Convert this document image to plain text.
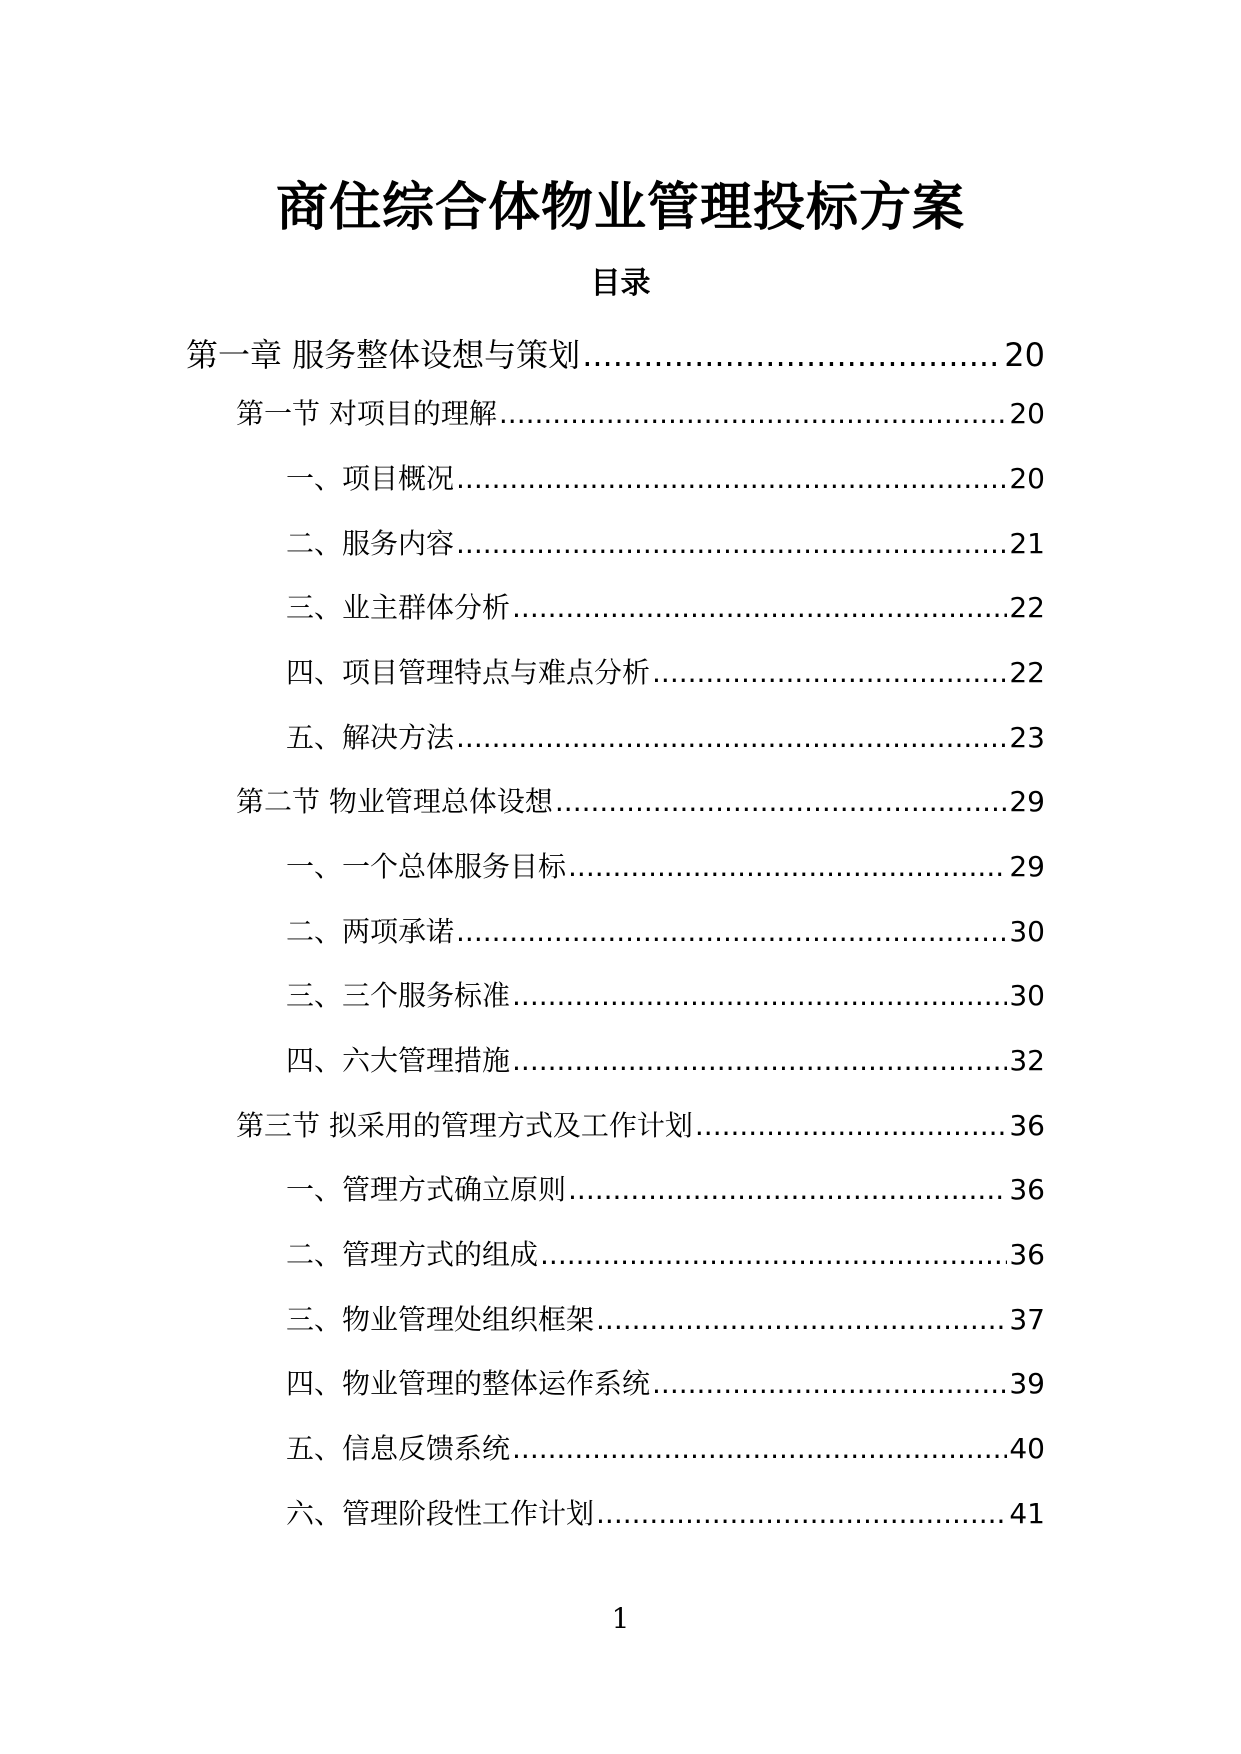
商住综合体物业管理投标方案
目录
第一章 服务整体设想与策划 .....	20
第一节 对项目的理解 .....	20
一、项目概况 .....	20
二、服务内容 .....	21
三、业主群体分析 .....	22
四、项目管理特点与难点分析 .....	22
五、解决方法 .....	23
第二节 物业管理总体设想 .....	29
一、一个总体服务目标 .....	29
二、两项承诺 .....	30
三、三个服务标准 .....	30
四、六大管理措施 .....	32
第三节 拟采用的管理方式及工作计划 .....	36
一、管理方式确立原则 .....	36
二、管理方式的组成 .....	36
三、物业管理处组织框架 .....	37
四、物业管理的整体运作系统 .....	39
五、信息反馈系统 .....	40
六、管理阶段性工作计划 .....	41
1
